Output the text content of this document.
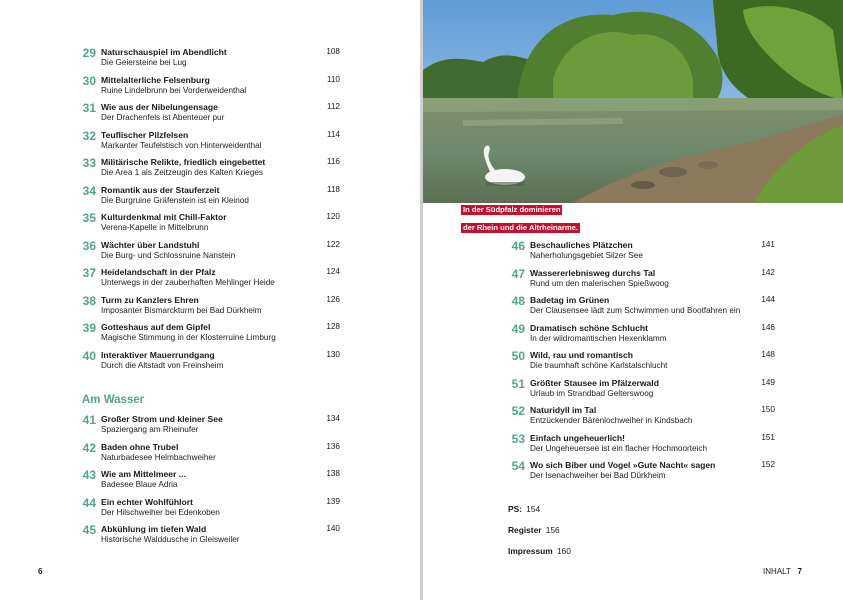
29 Naturschauspiel im Abendlicht
Die Geiersteine bei Lug
108
30 Mittelalterliche Felsenburg
Ruine Lindelbrunn bei Vorderweidenthal
110
31 Wie aus der Nibelungensage
Der Drachenfels ist Abenteuer pur
112
32 Teuflischer Pilzfelsen
Markanter Teufelstisch von Hinterweidenthal
114
33 Militärische Relikte, friedlich eingebettet
Die Area 1 als Zeitzeugin des Kalten Krieges
116
34 Romantik aus der Stauferzeit
Die Burgruine Gräfenstein ist ein Kleinod
118
35 Kulturdenkmal mit Chill-Faktor
Verena-Kapelle in Mittelbrunn
120
36 Wächter über Landstuhl
Die Burg- und Schlossruine Nanstein
122
37 Heidelandschaft in der Pfalz
Unterwegs in der zauberhaften Mehlinger Heide
124
38 Turm zu Kanzlers Ehren
Imposanter Bismarckturm bei Bad Dürkheim
126
39 Gotteshaus auf dem Gipfel
Magische Stimmung in der Klosterruine Limburg
128
40 Interaktiver Mauerrundgang
Durch die Altstadt von Freinsheim
130
Am Wasser
41 Großer Strom und kleiner See
Spaziergang am Rheinufer
134
42 Baden ohne Trubel
Naturbadesee Helmbachweiher
136
43 Wie am Mittelmeer ...
Badesee Blaue Adria
138
44 Ein echter Wohlfühlort
Der Hilschweiher bei Edenkoben
139
45 Abkühlung im tiefen Wald
Historische Walddusche in Gleisweiler
140
6
In der Südpfalz dominieren
der Rhein und die Altrheinarme.
46 Beschauliches Plätzchen
Naherholungsgebiet Silzer See
141
47 Wassererlebnisweg durchs Tal
Rund um den malerischen Spießwoog
142
48 Badetag im Grünen
Der Clausensee lädt zum Schwimmen und Bootfahren ein
144
49 Dramatisch schöne Schlucht
In der wildromantischen Hexenklamm
146
50 Wild, rau und romantisch
Die traumhaft schöne Karlstalschlucht
148
51 Größter Stausee im Pfälzerwald
Urlaub im Strandbad Gelterswoog
149
52 Naturidyll im Tal
Entzückender Bärenlochweiher in Kindsbach
150
53 Einfach ungeheuerlich!
Der Ungeheuersee ist ein flacher Hochmoorteich
151
54 Wo sich Biber und Vogel »Gute Nacht« sagen
Der Isenachweiher bei Bad Dürkheim
152
PS:  154
Register  156
Impressum  160
INHALT 7
